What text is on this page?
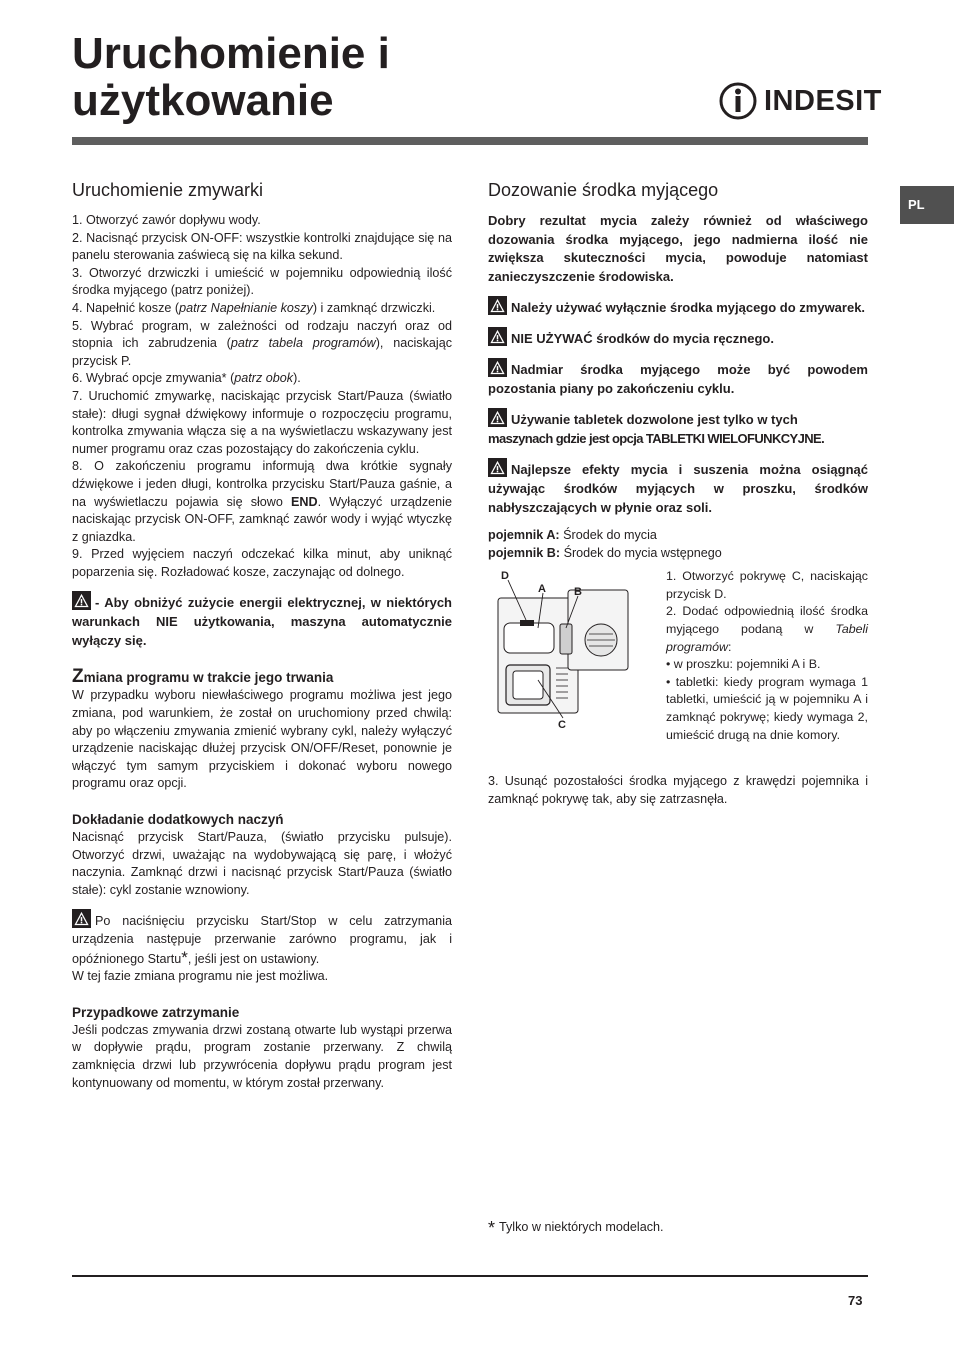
Uruchomienie i
użytkowanie	INDESIT
PL
Uruchomienie zmywarki

1. Otworzyć zawór dopływu wody.

2. Nacisnąć przycisk ON-OFF: wszystkie kontrolki znajdujące się na panelu sterowania zaświecą się na kilka sekund.

3. Otworzyć drzwiczki i umieścić w pojemniku odpowiednią ilość środka myjącego (patrz poniżej).

4. Napełnić kosze (patrz Napełnianie koszy) i zamknąć drzwiczki.

5. Wybrać program, w zależności od rodzaju naczyń oraz od stopnia ich zabrudzenia (patrz tabela programów), naciskając przycisk P.

6. Wybrać opcje zmywania* (patrz obok).

7. Uruchomić zmywarkę, naciskając przycisk Start/Pauza (światło stałe): długi sygnał dźwiękowy informuje o rozpoczęciu programu, kontrolka zmywania włącza się a na wyświetlaczu wskazywany jest numer programu oraz czas pozostający do zakończenia cyklu.

8. O zakończeniu programu informują dwa krótkie sygnały dźwiękowe i jeden długi, kontrolka przycisku Start/Pauza gaśnie, a na wyświetlaczu pojawia się słowo END. Wyłączyć urządzenie naciskając przycisk ON-OFF, zamknąć zawór wody i wyjąć wtyczkę z gniazdka.

9. Przed wyjęciem naczyń odczekać kilka minut, aby uniknąć poparzenia się. Rozładować kosze, zaczynając od dolnego.

- Aby obniżyć zużycie energii elektrycznej, w niektórych warunkach NIE użytkowania, maszyna automatycznie wyłączy się.

Zmiana programu w trakcie jego trwania

W przypadku wyboru niewłaściwego programu możliwa jest jego zmiana, pod warunkiem, że został on uruchomiony przed chwilą: aby po włączeniu zmywania zmienić wybrany cykl, należy wyłączyć urządzenie naciskając dłużej przycisk ON/OFF/Reset, ponownie je włączyć tym samym przyciskiem i dokonać wyboru nowego programu oraz opcji.

Dokładanie dodatkowych naczyń

Nacisnąć przycisk Start/Pauza, (światło przycisku pulsuje). Otworzyć drzwi, uważając na wydobywającą się parę, i włożyć naczynia. Zamknąć drzwi i nacisnąć przycisk Start/Pauza (światło stałe): cykl zostanie wznowiony.

Po naciśnięciu przycisku Start/Stop w celu zatrzymania urządzenia następuje przerwanie zarówno programu, jak i opóźnionego Startu*, jeśli jest on ustawiony.

W tej fazie zmiana programu nie jest możliwa.

Przypadkowe zatrzymanie

Jeśli podczas zmywania drzwi zostaną otwarte lub wystąpi przerwa w dopływie prądu, program zostanie przerwany. Z chwilą zamknięcia drzwi lub przywrócenia dopływu prądu program jest kontynuowany od momentu, w którym został przerwany.

Dozowanie środka myjącego

Dobry rezultat mycia zależy również od właściwego dozowania środka myjącego, jego nadmierna ilość nie zwiększa skuteczności mycia, powoduje natomiast zanieczyszczenie środowiska.

Należy używać wyłącznie środka myjącego do zmywarek.

NIE UŻYWAĆ środków do mycia ręcznego.

Nadmiar środka myjącego może być powodem pozostania piany po zakończeniu cyklu.

Używanie tabletek dozwolone jest tylko w tych
maszynach gdzie jest opcja TABLETKI WIELOFUNKCYJNE.

Najlepsze efekty mycia i suszenia można osiągnąć używając środków myjących w proszku, środków nabłyszczających w płynie oraz soli.

pojemnik A: Środek do mycia

pojemnik B: Środek do mycia wstępnego

D
A	B
C

1. Otworzyć pokrywę C, naciskając przycisk D.

2. Dodać odpowiednią ilość środka myjącego podaną w Tabeli programów:

• w proszku: pojemniki A i B.

• tabletki: kiedy program wymaga 1 tabletki, umieścić ją w pojemniku A i zamknąć pokrywę; kiedy wymaga 2, umieścić drugą na dnie komory.

3. Usunąć pozostałości środka myjącego z krawędzi pojemnika i zamknąć pokrywę tak, aby się zatrzasnęła.

* Tylko w niektórych modelach.
73
